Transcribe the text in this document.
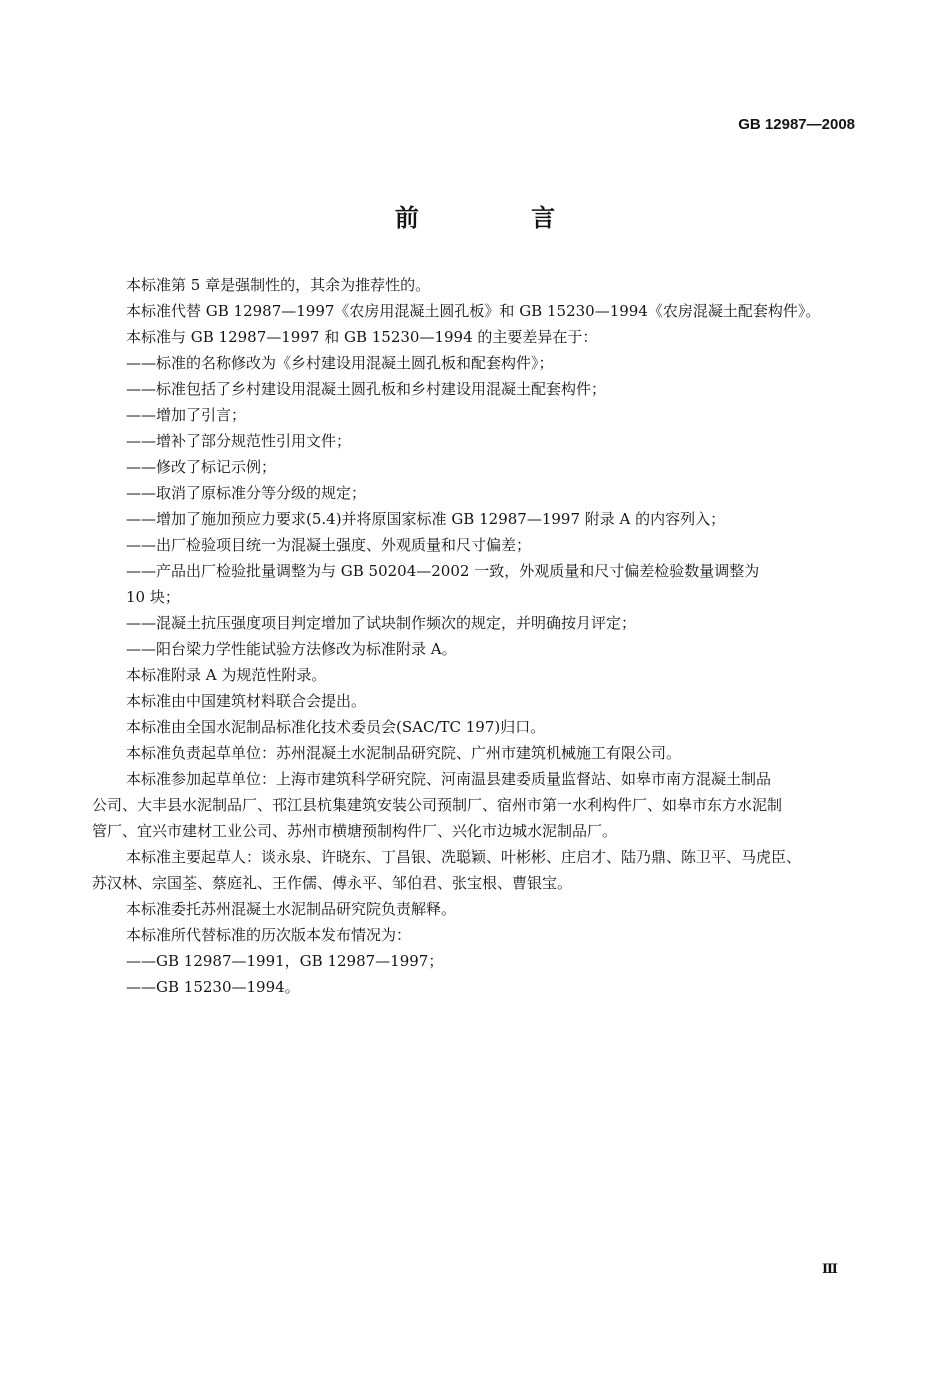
GB 12987—2008
前 言
本标准第 5 章是强制性的，其余为推荐性的。
本标准代替 GB 12987—1997《农房用混凝土圆孔板》和 GB 15230—1994《农房混凝土配套构件》。
本标准与 GB 12987—1997 和 GB 15230—1994 的主要差异在于：
——标准的名称修改为《乡村建设用混凝土圆孔板和配套构件》；
——标准包括了乡村建设用混凝土圆孔板和乡村建设用混凝土配套构件；
——增加了引言；
——增补了部分规范性引用文件；
——修改了标记示例；
——取消了原标准分等分级的规定；
——增加了施加预应力要求(5.4)并将原国家标准 GB 12987—1997 附录 A 的内容列入；
——出厂检验项目统一为混凝土强度、外观质量和尺寸偏差；
——产品出厂检验批量调整为与 GB 50204—2002 一致，外观质量和尺寸偏差检验数量调整为
10 块；
——混凝土抗压强度项目判定增加了试块制作频次的规定，并明确按月评定；
——阳台梁力学性能试验方法修改为标准附录 A。
本标准附录 A 为规范性附录。
本标准由中国建筑材料联合会提出。
本标准由全国水泥制品标准化技术委员会(SAC/TC 197)归口。
本标准负责起草单位：苏州混凝土水泥制品研究院、广州市建筑机械施工有限公司。
本标准参加起草单位：上海市建筑科学研究院、河南温县建委质量监督站、如皋市南方混凝土制品
公司、大丰县水泥制品厂、邗江县杭集建筑安装公司预制厂、宿州市第一水利构件厂、如皋市东方水泥制
管厂、宜兴市建材工业公司、苏州市横塘预制构件厂、兴化市边城水泥制品厂。
本标准主要起草人：谈永泉、许晓东、丁昌银、冼聪颖、叶彬彬、庄启才、陆乃鼎、陈卫平、马虎臣、
苏汉林、宗国荃、蔡庭礼、王作儒、傅永平、邹伯君、张宝根、曹银宝。
本标准委托苏州混凝土水泥制品研究院负责解释。
本标准所代替标准的历次版本发布情况为：
——GB 12987—1991，GB 12987—1997；
——GB 15230—1994。
Ⅲ
